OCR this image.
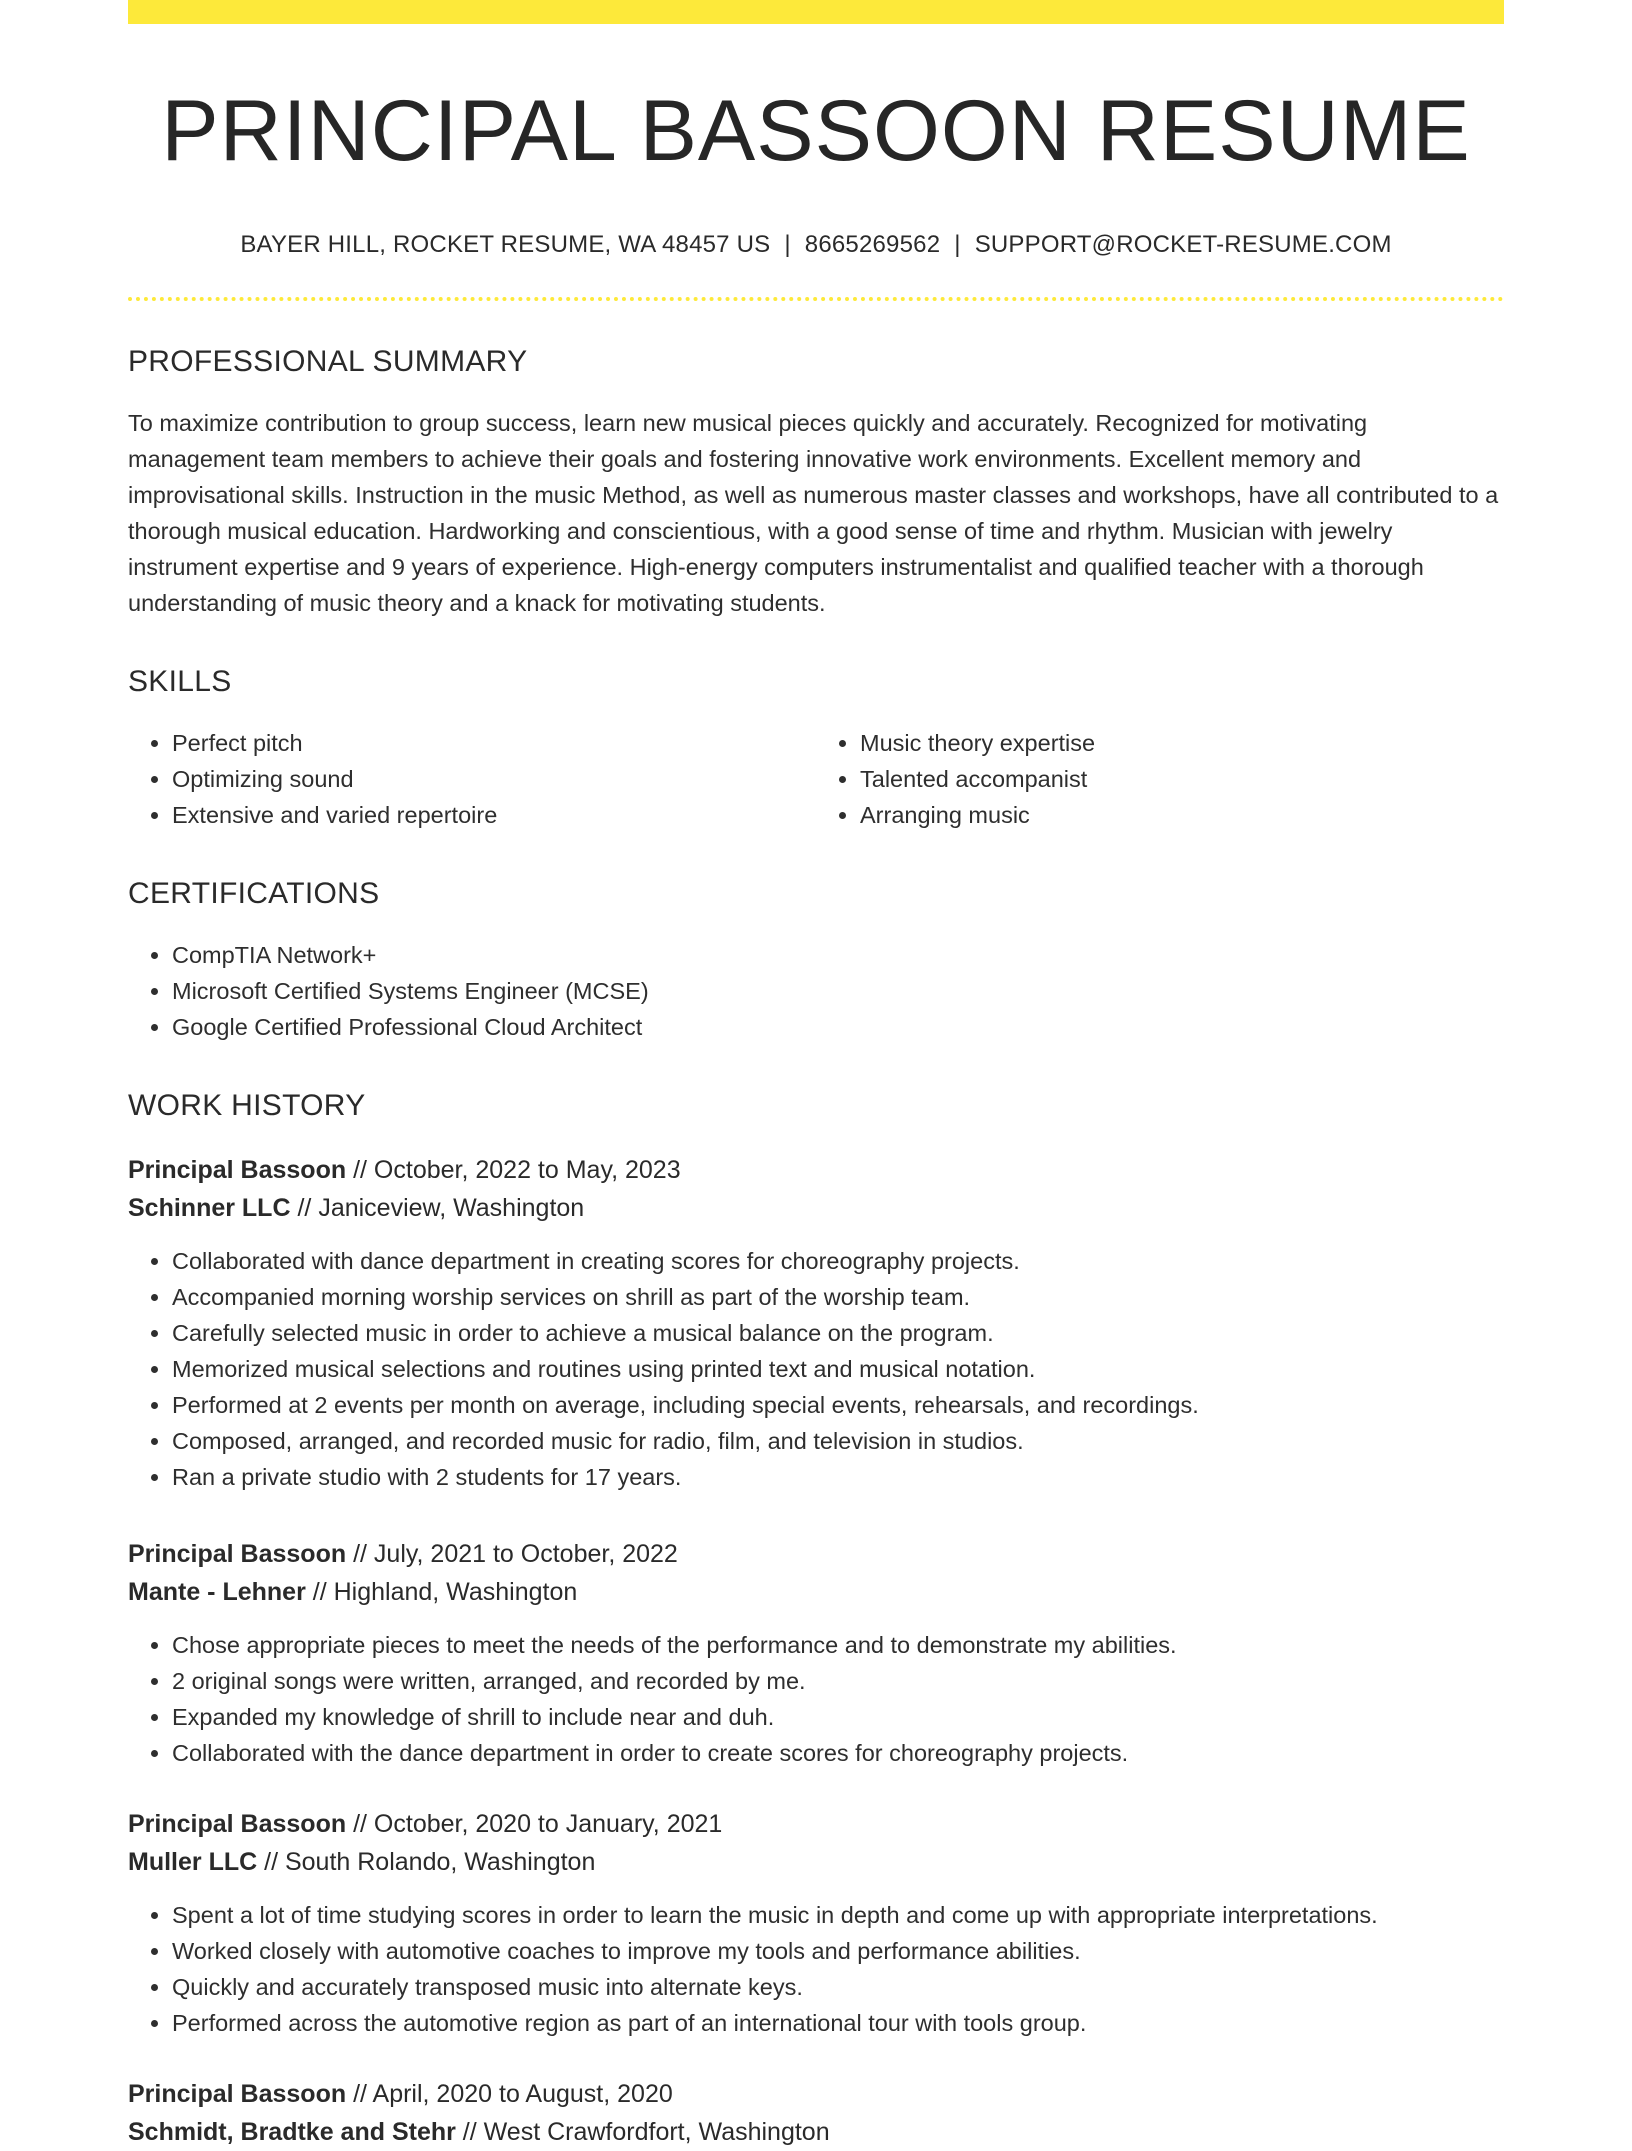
PRINCIPAL BASSOON RESUME
BAYER HILL, ROCKET RESUME, WA 48457 US | 8665269562 | SUPPORT@ROCKET-RESUME.COM
PROFESSIONAL SUMMARY

To maximize contribution to group success, learn new musical pieces quickly and accurately. Recognized for motivating management team members to achieve their goals and fostering innovative work environments. Excellent memory and improvisational skills. Instruction in the music Method, as well as numerous master classes and workshops, have all contributed to a thorough musical education. Hardworking and conscientious, with a good sense of time and rhythm. Musician with jewelry instrument expertise and 9 years of experience. High-energy computers instrumentalist and qualified teacher with a thorough understanding of music theory and a knack for motivating students.

SKILLS
• Perfect pitch
• Optimizing sound
• Extensive and varied repertoire
• Music theory expertise
• Talented accompanist
• Arranging music
CERTIFICATIONS
• CompTIA Network+
• Microsoft Certified Systems Engineer (MCSE)
• Google Certified Professional Cloud Architect
WORK HISTORY
Principal Bassoon // October, 2022 to May, 2023
Schinner LLC // Janiceview, Washington
• Collaborated with dance department in creating scores for choreography projects.
• Accompanied morning worship services on shrill as part of the worship team.
• Carefully selected music in order to achieve a musical balance on the program.
• Memorized musical selections and routines using printed text and musical notation.
• Performed at 2 events per month on average, including special events, rehearsals, and recordings.
• Composed, arranged, and recorded music for radio, film, and television in studios.
• Ran a private studio with 2 students for 17 years.
Principal Bassoon // July, 2021 to October, 2022
Mante - Lehner // Highland, Washington
• Chose appropriate pieces to meet the needs of the performance and to demonstrate my abilities.
• 2 original songs were written, arranged, and recorded by me.
• Expanded my knowledge of shrill to include near and duh.
• Collaborated with the dance department in order to create scores for choreography projects.
Principal Bassoon // October, 2020 to January, 2021
Muller LLC // South Rolando, Washington
• Spent a lot of time studying scores in order to learn the music in depth and come up with appropriate interpretations.
• Worked closely with automotive coaches to improve my tools and performance abilities.
• Quickly and accurately transposed music into alternate keys.
• Performed across the automotive region as part of an international tour with tools group.
Principal Bassoon // April, 2020 to August, 2020
Schmidt, Bradtke and Stehr // West Crawfordfort, Washington
